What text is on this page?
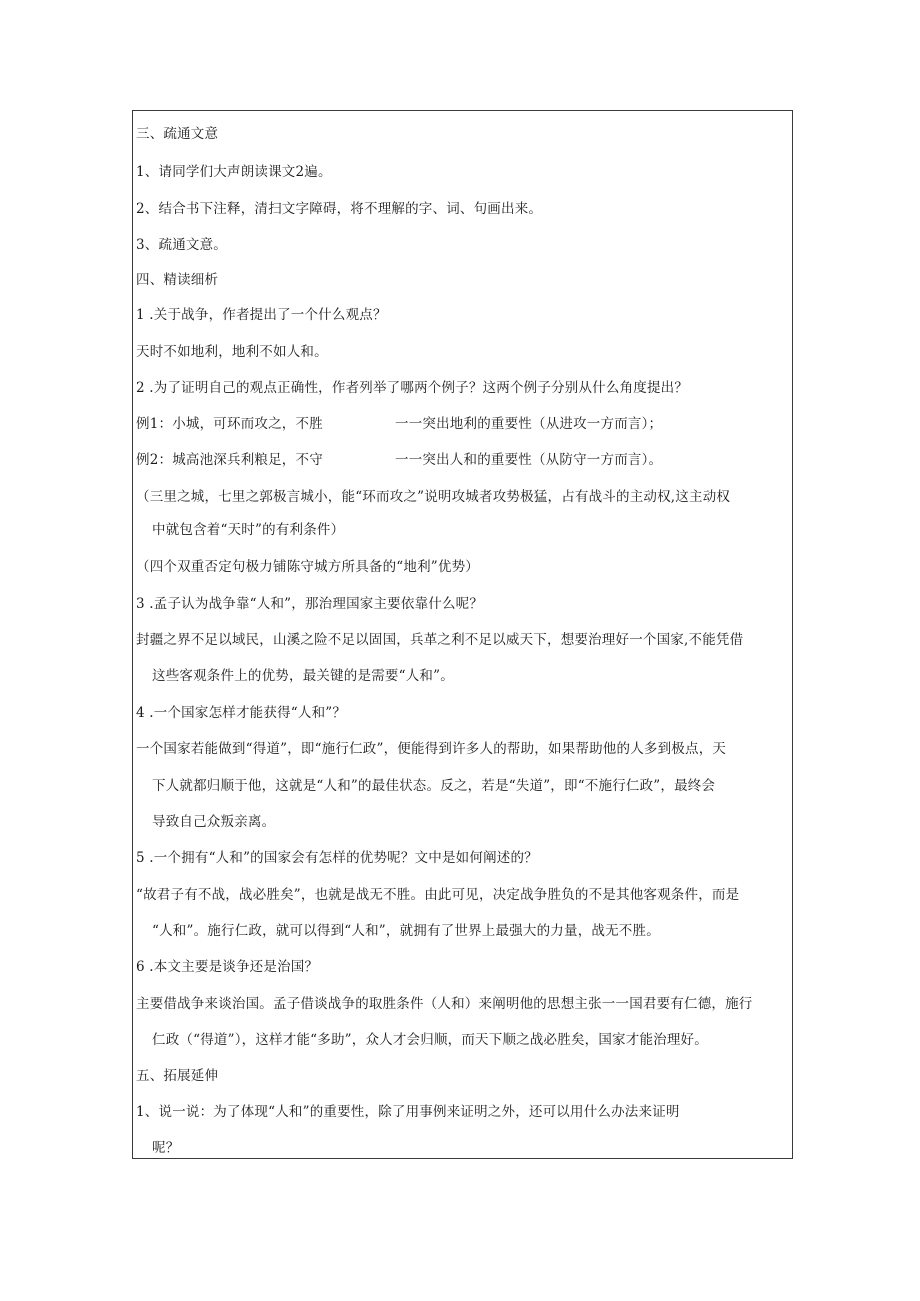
三、疏通文意
1、请同学们大声朗读课文2遍。
2、结合书下注释，清扫文字障碍，将不理解的字、词、句画出来。
3、疏通文意。
四、精读细析
1 .关于战争，作者提出了一个什么观点？
天时不如地利，地利不如人和。
2 .为了证明自己的观点正确性，作者列举了哪两个例子？这两个例子分别从什么角度提出？
例1：小城，可环而攻之，不胜	一一突出地利的重要性（从进攻一方而言）；
例2：城高池深兵利粮足，不守	一一突出人和的重要性（从防守一方而言）。
（三里之城，七里之郭极言城小，能“环而攻之”说明攻城者攻势极猛，占有战斗的主动权,这主动权
中就包含着“天时”的有利条件）
（四个双重否定句极力铺陈守城方所具备的“地利”优势）
3 .孟子认为战争靠“人和”，那治理国家主要依靠什么呢？
封疆之界不足以域民，山溪之险不足以固国，兵革之利不足以威天下，想要治理好一个国家,不能凭借
这些客观条件上的优势，最关键的是需要“人和”。
4 .一个国家怎样才能获得“人和”？
一个国家若能做到“得道”，即“施行仁政”，便能得到许多人的帮助，如果帮助他的人多到极点，天
下人就都归顺于他，这就是“人和”的最佳状态。反之，若是“失道”，即“不施行仁政”，最终会
导致自己众叛亲离。
5 .一个拥有“人和”的国家会有怎样的优势呢？文中是如何阐述的？
“故君子有不战，战必胜矣”，也就是战无不胜。由此可见，决定战争胜负的不是其他客观条件，而是
“人和”。施行仁政，就可以得到“人和”，就拥有了世界上最强大的力量，战无不胜。
6 .本文主要是谈争还是治国？
主要借战争来谈治国。孟子借谈战争的取胜条件（人和）来阐明他的思想主张一一国君要有仁德，施行
仁政（“得道”），这样才能“多助”，众人才会归顺，而天下顺之战必胜矣，国家才能治理好。
五、拓展延伸
1、说一说：为了体现“人和”的重要性，除了用事例来证明之外，还可以用什么办法来证明
呢？
